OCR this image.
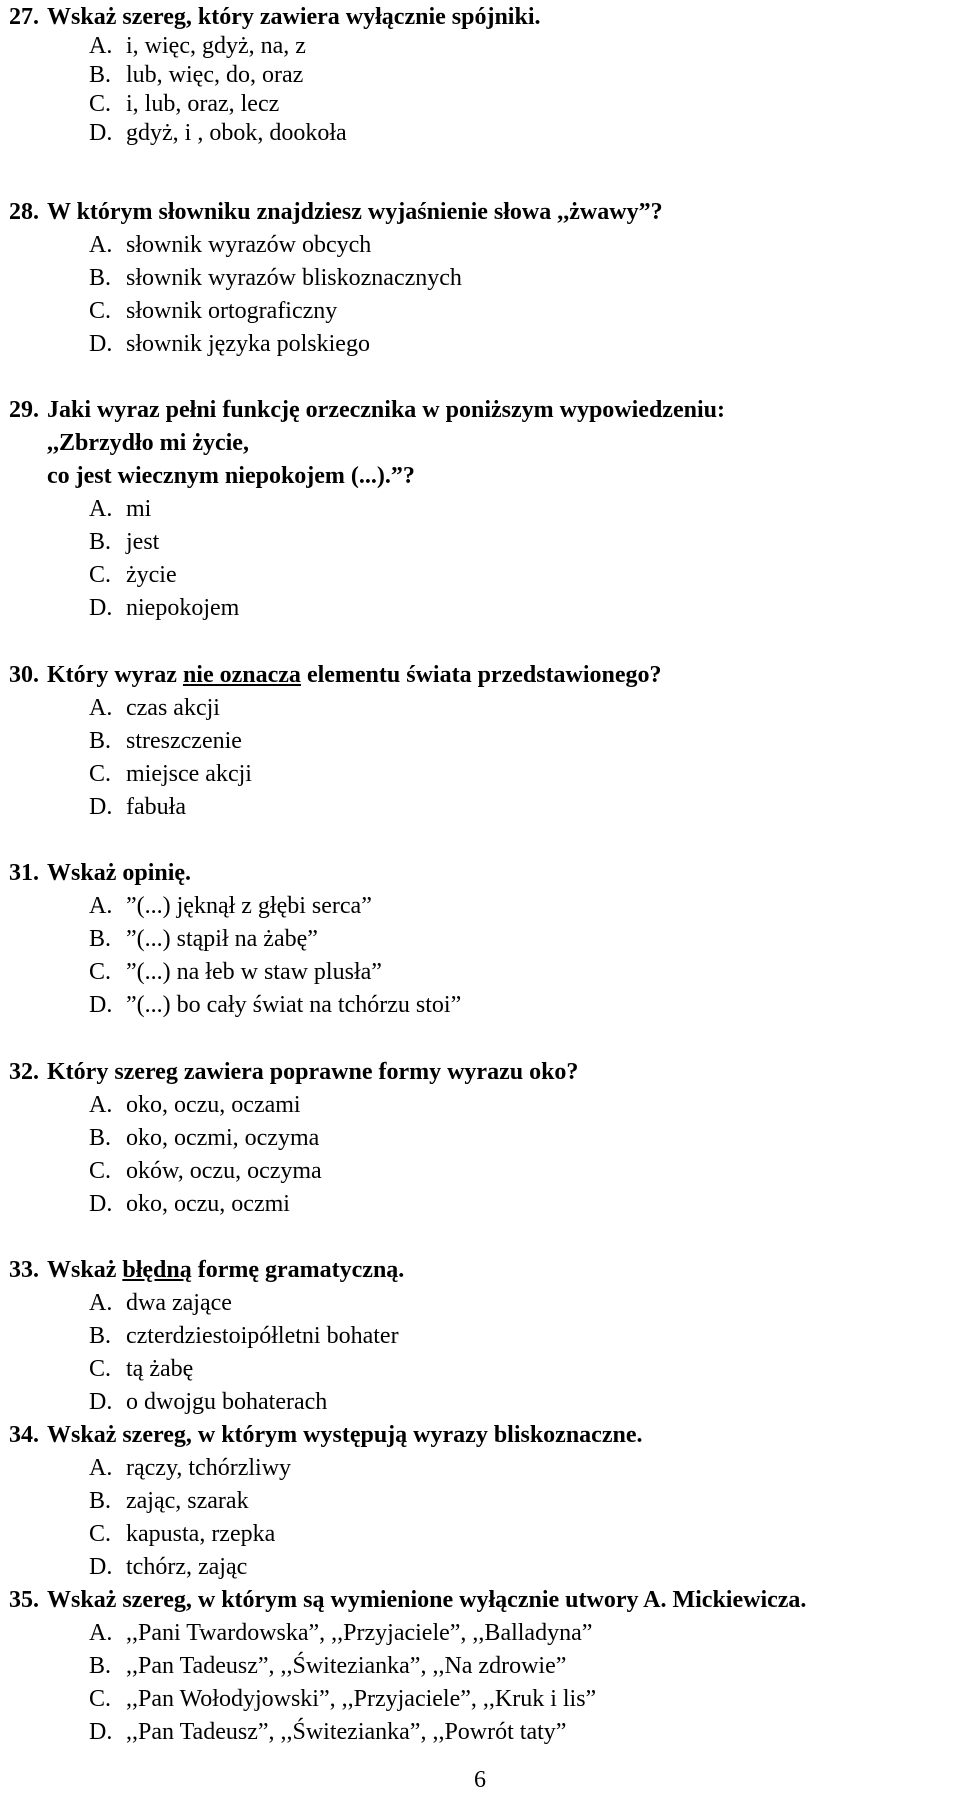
27. Wskaż szereg, który zawiera wyłącznie spójniki.
A. i, więc, gdyż, na, z
B. lub, więc, do, oraz
C. i, lub, oraz, lecz
D. gdyż, i , obok, dookoła
28. W którym słowniku znajdziesz wyjaśnienie słowa ,,żwawy”?
A. słownik wyrazów obcych
B. słownik wyrazów bliskoznacznych
C. słownik ortograficzny
D. słownik języka polskiego
29. Jaki wyraz pełni funkcję orzecznika w poniższym wypowiedzeniu:
,,Zbrzydło mi życie,
co jest wiecznym niepokojem (...).”?
A. mi
B. jest
C. życie
D. niepokojem
30. Który wyraz nie oznacza elementu świata przedstawionego?
A. czas akcji
B. streszczenie
C. miejsce akcji
D. fabuła
31. Wskaż opinię.
A. ”(...) jęknął z głębi serca”
B. ”(...) stąpił na żabę”
C. ”(...) na łeb w staw plusła”
D. ”(...) bo cały świat na tchórzu stoi”
32. Który szereg zawiera poprawne formy wyrazu oko?
A. oko, oczu, oczami
B. oko, oczmi, oczyma
C. oków, oczu, oczyma
D. oko, oczu, oczmi
33. Wskaż błędną formę gramatyczną.
A. dwa zające
B. czterdziestoipółletni bohater
C. tą żabę
D. o dwojgu bohaterach
34. Wskaż szereg, w którym występują wyrazy bliskoznaczne.
A. rączy, tchórzliwy
B. zając, szarak
C. kapusta, rzepka
D. tchórz, zając
35. Wskaż szereg, w którym są wymienione wyłącznie utwory A. Mickiewicza.
A. ,,Pani Twardowska”, ,,Przyjaciele”, ,,Balladyna”
B. ,,Pan Tadeusz”, ,,Świtezianka”, ,,Na zdrowie”
C. ,,Pan Wołodyjowski”, ,,Przyjaciele”, ,,Kruk i lis”
D. ,,Pan Tadeusz”, ,,Świtezianka”, ,,Powrót taty”
6
